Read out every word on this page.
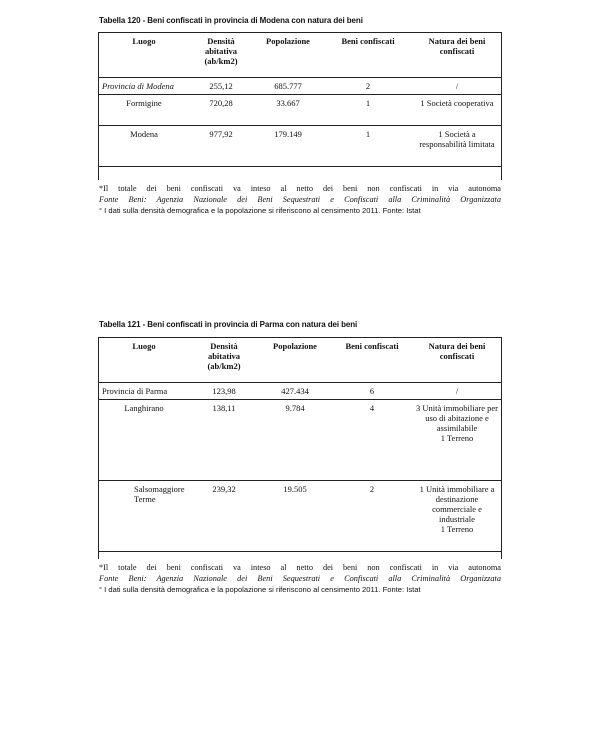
Tabella 120 - Beni confiscati in provincia di Modena con natura dei beni
Luogo	Densità abitativa (ab/km2)	Popolazione	Beni confiscati	Natura dei beni confiscati
Provincia di Modena	255,12	685.777	2	/
Formigine	720,28	33.667	1	1 Società cooperativa
Modena	977,92	179.149	1	1 Società a responsabilità limitata
*Il totale dei beni confiscati va inteso al netto dei beni non confiscati in via autonoma
Fonte Beni: Agenzia Nazionale dei Beni Sequestrati e Confiscati alla Criminalità Organizzata
° I dati sulla densità demografica e la popolazione si riferiscono al censimento 2011. Fonte: Istat
Tabella 121 - Beni confiscati in provincia di Parma con natura dei beni
Luogo	Densità abitativa (ab/km2)	Popolazione	Beni confiscati	Natura dei beni confiscati
Provincia di Parma	123,98	427.434	6	/
Langhirano	138,11	9.784	4	3 Unità immobiliare per uso di abitazione e assimilabile
1 Terreno
Salsomaggiore Terme	239,32	19.505	2	1 Unità immobiliare a destinazione commerciale e industriale
1 Terreno
*Il totale dei beni confiscati va inteso al netto dei beni non confiscati in via autonoma
Fonte Beni: Agenzia Nazionale dei Beni Sequestrati e Confiscati alla Criminalità Organizzata
° I dati sulla densità demografica e la popolazione si riferiscono al censimento 2011. Fonte: Istat
